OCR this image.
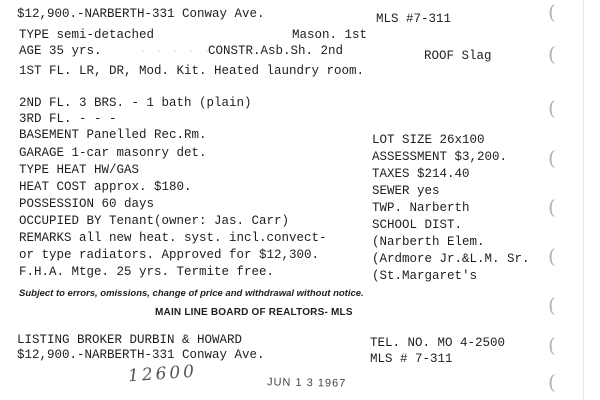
$12,900.-NARBERTH-331 Conway Ave.	MLS #7-311
TYPE semi-detached	Mason. 1st
AGE 35 yrs.	. . . . .
CONSTR.Asb.Sh. 2nd	ROOF Slag
1ST FL. LR, DR, Mod. Kit. Heated laundry room.
2ND FL. 3 BRS. - 1 bath (plain)
3RD FL. - - -
BASEMENT Panelled Rec.Rm.
GARAGE 1-car masonry det.
TYPE HEAT HW/GAS
HEAT COST approx. $180.
POSSESSION 60 days
OCCUPIED BY Tenant(owner: Jas. Carr)
REMARKS all new heat. syst. incl.convect-
or type radiators. Approved for $12,300.
F.H.A. Mtge. 25 yrs. Termite free.
LOT SIZE 26x100
ASSESSMENT $3,200.
TAXES $214.40
SEWER yes
TWP. Narberth
SCHOOL DIST.
(Narberth Elem.
(Ardmore Jr.&L.M. Sr.
(St.Margaret's
Subject to errors, omissions, change of price and withdrawal without notice.
MAIN LINE BOARD OF REALTORS- MLS
LISTING BROKER DURBIN & HOWARD	TEL. NO. MO 4-2500
$12,900.-NARBERTH-331 Conway Ave.	MLS # 7-311
12600	JUN 1 3 1967
(
(
(
(
(
(
(
(
(
